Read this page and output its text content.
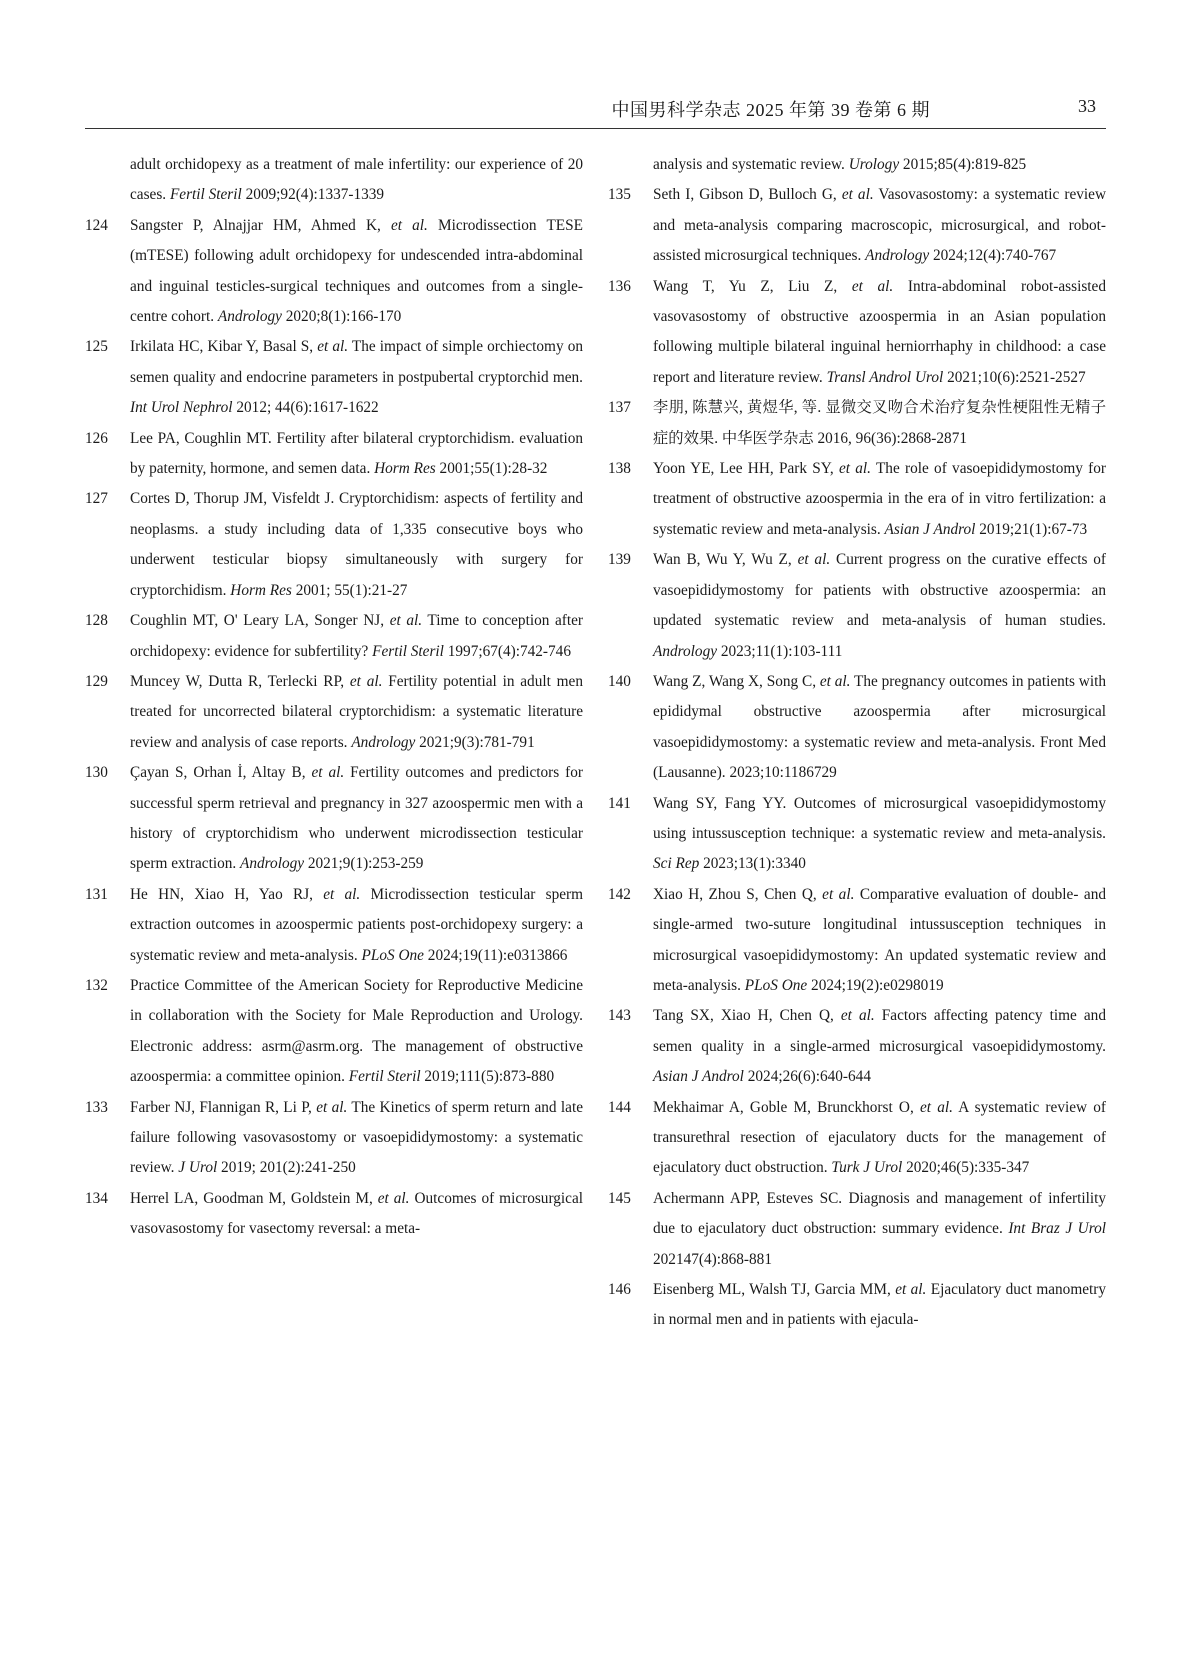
中国男科学杂志 2025 年第 39 卷第 6 期	33
adult orchidopexy as a treatment of male infertility: our experience of 20 cases. Fertil Steril 2009;92(4):1337-1339
124 Sangster P, Alnajjar HM, Ahmed K, et al. Microdissection TESE (mTESE) following adult orchidopexy for undescended intra-abdominal and inguinal testicles-surgical techniques and outcomes from a single-centre cohort. Andrology 2020;8(1):166-170
125 Irkilata HC, Kibar Y, Basal S, et al. The impact of simple orchiectomy on semen quality and endocrine parameters in postpubertal cryptorchid men. Int Urol Nephrol 2012; 44(6):1617-1622
126 Lee PA, Coughlin MT. Fertility after bilateral cryptorchidism. evaluation by paternity, hormone, and semen data. Horm Res 2001;55(1):28-32
127 Cortes D, Thorup JM, Visfeldt J. Cryptorchidism: aspects of fertility and neoplasms. a study including data of 1,335 consecutive boys who underwent testicular biopsy simultaneously with surgery for cryptorchidism. Horm Res 2001; 55(1):21-27
128 Coughlin MT, O' Leary LA, Songer NJ, et al. Time to conception after orchidopexy: evidence for subfertility? Fertil Steril 1997;67(4):742-746
129 Muncey W, Dutta R, Terlecki RP, et al. Fertility potential in adult men treated for uncorrected bilateral cryptorchidism: a systematic literature review and analysis of case reports. Andrology 2021;9(3):781-791
130 Çayan S, Orhan İ, Altay B, et al. Fertility outcomes and predictors for successful sperm retrieval and pregnancy in 327 azoospermic men with a history of cryptorchidism who underwent microdissection testicular sperm extraction. Andrology 2021;9(1):253-259
131 He HN, Xiao H, Yao RJ, et al. Microdissection testicular sperm extraction outcomes in azoospermic patients post-orchidopexy surgery: a systematic review and meta-analysis. PLoS One 2024;19(11):e0313866
132 Practice Committee of the American Society for Reproductive Medicine in collaboration with the Society for Male Reproduction and Urology. Electronic address: asrm@asrm.org. The management of obstructive azoospermia: a committee opinion. Fertil Steril 2019;111(5):873-880
133 Farber NJ, Flannigan R, Li P, et al. The Kinetics of sperm return and late failure following vasovasostomy or vasoepididymostomy: a systematic review. J Urol 2019; 201(2):241-250
134 Herrel LA, Goodman M, Goldstein M, et al. Outcomes of microsurgical vasovasostomy for vasectomy reversal: a meta-
analysis and systematic review. Urology 2015;85(4):819-825
135 Seth I, Gibson D, Bulloch G, et al. Vasovasostomy: a systematic review and meta-analysis comparing macroscopic, microsurgical, and robot-assisted microsurgical techniques. Andrology 2024;12(4):740-767
136 Wang T, Yu Z, Liu Z, et al. Intra-abdominal robot-assisted vasovasostomy of obstructive azoospermia in an Asian population following multiple bilateral inguinal herniorrhaphy in childhood: a case report and literature review. Transl Androl Urol 2021;10(6):2521-2527
137 李朋, 陈慧兴, 黄煜华, 等. 显微交叉吻合术治疗复杂性梗阻性无精子症的效果. 中华医学杂志 2016, 96(36):2868-2871
138 Yoon YE, Lee HH, Park SY, et al. The role of vasoepididymostomy for treatment of obstructive azoospermia in the era of in vitro fertilization: a systematic review and meta-analysis. Asian J Androl 2019;21(1):67-73
139 Wan B, Wu Y, Wu Z, et al. Current progress on the curative effects of vasoepididymostomy for patients with obstructive azoospermia: an updated systematic review and meta-analysis of human studies. Andrology 2023;11(1):103-111
140 Wang Z, Wang X, Song C, et al. The pregnancy outcomes in patients with epididymal obstructive azoospermia after microsurgical vasoepididymostomy: a systematic review and meta-analysis. Front Med (Lausanne). 2023;10:1186729
141 Wang SY, Fang YY. Outcomes of microsurgical vasoepididymostomy using intussusception technique: a systematic review and meta-analysis. Sci Rep 2023;13(1):3340
142 Xiao H, Zhou S, Chen Q, et al. Comparative evaluation of double- and single-armed two-suture longitudinal intussusception techniques in microsurgical vasoepididymostomy: An updated systematic review and meta-analysis. PLoS One 2024;19(2):e0298019
143 Tang SX, Xiao H, Chen Q, et al. Factors affecting patency time and semen quality in a single-armed microsurgical vasoepididymostomy. Asian J Androl 2024;26(6):640-644
144 Mekhaimar A, Goble M, Brunckhorst O, et al. A systematic review of transurethral resection of ejaculatory ducts for the management of ejaculatory duct obstruction. Turk J Urol 2020;46(5):335-347
145 Achermann APP, Esteves SC. Diagnosis and management of infertility due to ejaculatory duct obstruction: summary evidence. Int Braz J Urol 202147(4):868-881
146 Eisenberg ML, Walsh TJ, Garcia MM, et al. Ejaculatory duct manometry in normal men and in patients with ejacula-
